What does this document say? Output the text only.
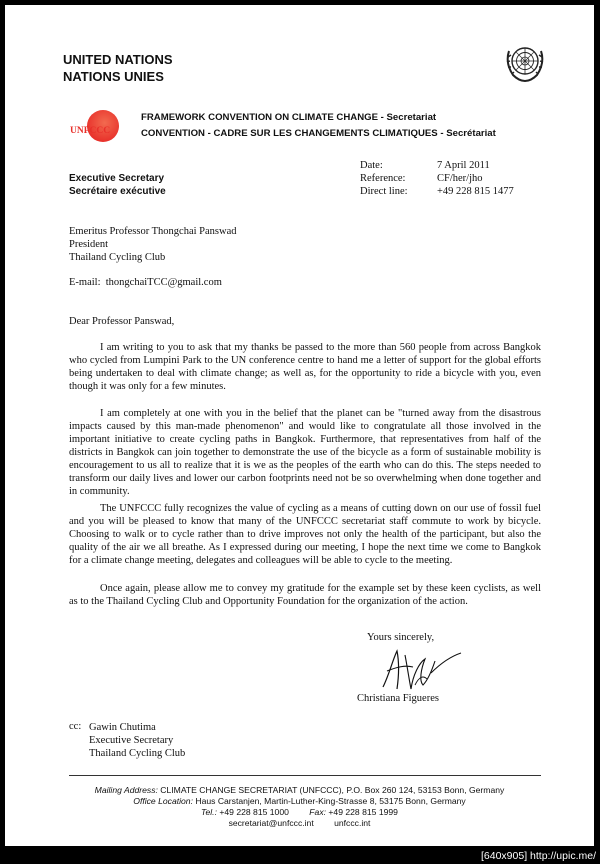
UNITED NATIONS
NATIONS UNIES
UNFCCC
FRAMEWORK CONVENTION ON CLIMATE CHANGE - Secretariat
CONVENTION - CADRE SUR LES CHANGEMENTS CLIMATIQUES - Secrétariat
Executive Secretary
Secrétaire exécutive
Date:	7 April 2011
Reference:	CF/her/jho
Direct line:	+49 228 815 1477
Emeritus Professor Thongchai Panswad
President
Thailand Cycling Club
E-mail: thongchaiTCC@gmail.com
Dear Professor Panswad,

I am writing to you to ask that my thanks be passed to the more than 560 people from across Bangkok who cycled from Lumpini Park to the UN conference centre to hand me a letter of support for the global efforts being undertaken to deal with climate change; as well as, for the opportunity to ride a bicycle with you, even though it was only for a few minutes.

I am completely at one with you in the belief that the planet can be "turned away from the disastrous impacts caused by this man-made phenomenon" and would like to congratulate all those involved in the important initiative to create cycling paths in Bangkok. Furthermore, that representatives from half of the districts in Bangkok can join together to demonstrate the use of the bicycle as a form of sustainable mobility is encouragement to us all to realize that it is we as the peoples of the earth who can do this. The steps needed to transform our daily lives and lower our carbon footprints need not be so overwhelming when done together and in community.

The UNFCCC fully recognizes the value of cycling as a means of cutting down on our use of fossil fuel and you will be pleased to know that many of the UNFCCC secretariat staff commute to work by bicycle. Choosing to walk or to cycle rather than to drive improves not only the health of the participant, but also the quality of the air we all breathe. As I expressed during our meeting, I hope the next time we come to Bangkok for a climate change meeting, delegates and colleagues will be able to cycle to the meeting.

Once again, please allow me to convey my gratitude for the example set by these keen cyclists, as well as to the Thailand Cycling Club and Opportunity Foundation for the organization of the action.

Yours sincerely,
Christiana Figueres
cc: Gawin Chutima
Executive Secretary
Thailand Cycling Club
Mailing Address: CLIMATE CHANGE SECRETARIAT (UNFCCC), P.O. Box 260 124, 53153 Bonn, Germany
Office Location: Haus Carstanjen, Martin-Luther-King-Strasse 8, 53175 Bonn, Germany
Tel.: +49 228 815 1000 Fax: +49 228 815 1999
secretariat@unfccc.int unfccc.int
[640x905] http://upic.me/
